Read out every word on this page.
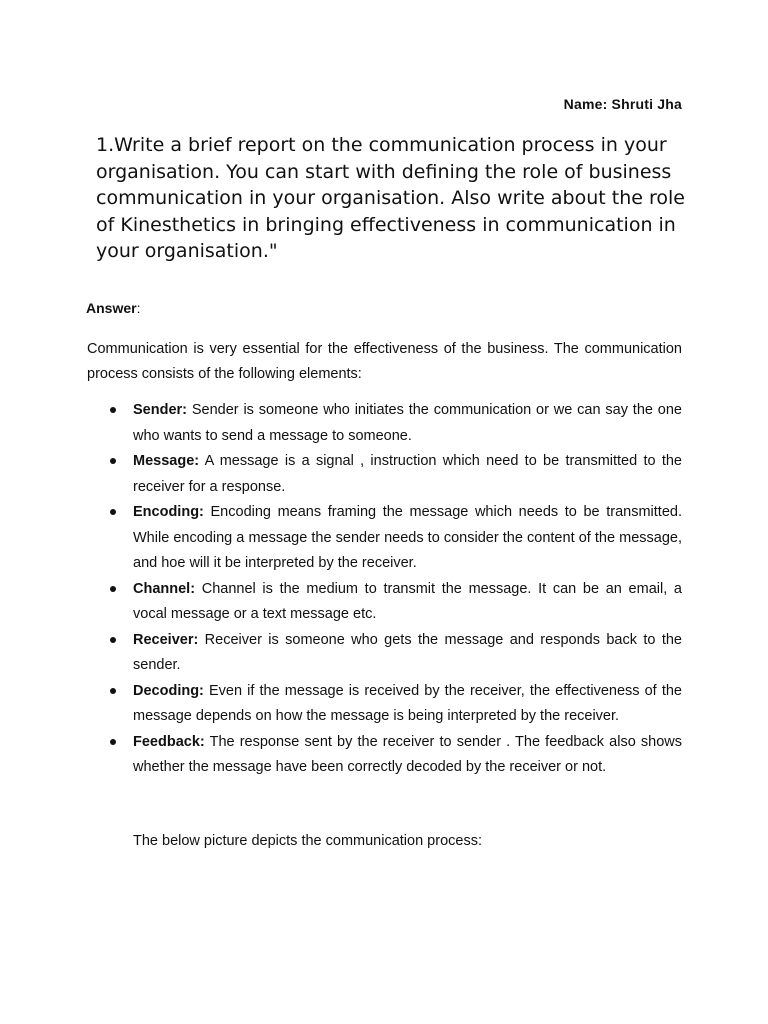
Name: Shruti Jha
1.Write a brief report on the communication process in your organisation. You can start with defining the role of business communication in your organisation. Also write about the role of Kinesthetics in bringing effectiveness in communication in your organisation."
Answer:
Communication is very essential for the effectiveness of the business. The communication process consists of the following elements:
Sender: Sender is someone who initiates the communication or we can say the one who wants to send a message to someone.
Message: A message is a signal , instruction which need to be transmitted to the receiver for a response.
Encoding: Encoding means framing the message which needs to be transmitted. While encoding a message the sender needs to consider the content of the message, and hoe will it be interpreted by the receiver.
Channel: Channel is the medium to transmit the message. It can be an email, a vocal message or a text message etc.
Receiver: Receiver is someone who gets the message and responds back to the sender.
Decoding: Even if the message is received by the receiver, the effectiveness of the message depends on how the message is being interpreted by the receiver.
Feedback: The response sent by the receiver to sender . The feedback also shows whether the message have been correctly decoded by the receiver or not.
The below picture depicts the communication process:
